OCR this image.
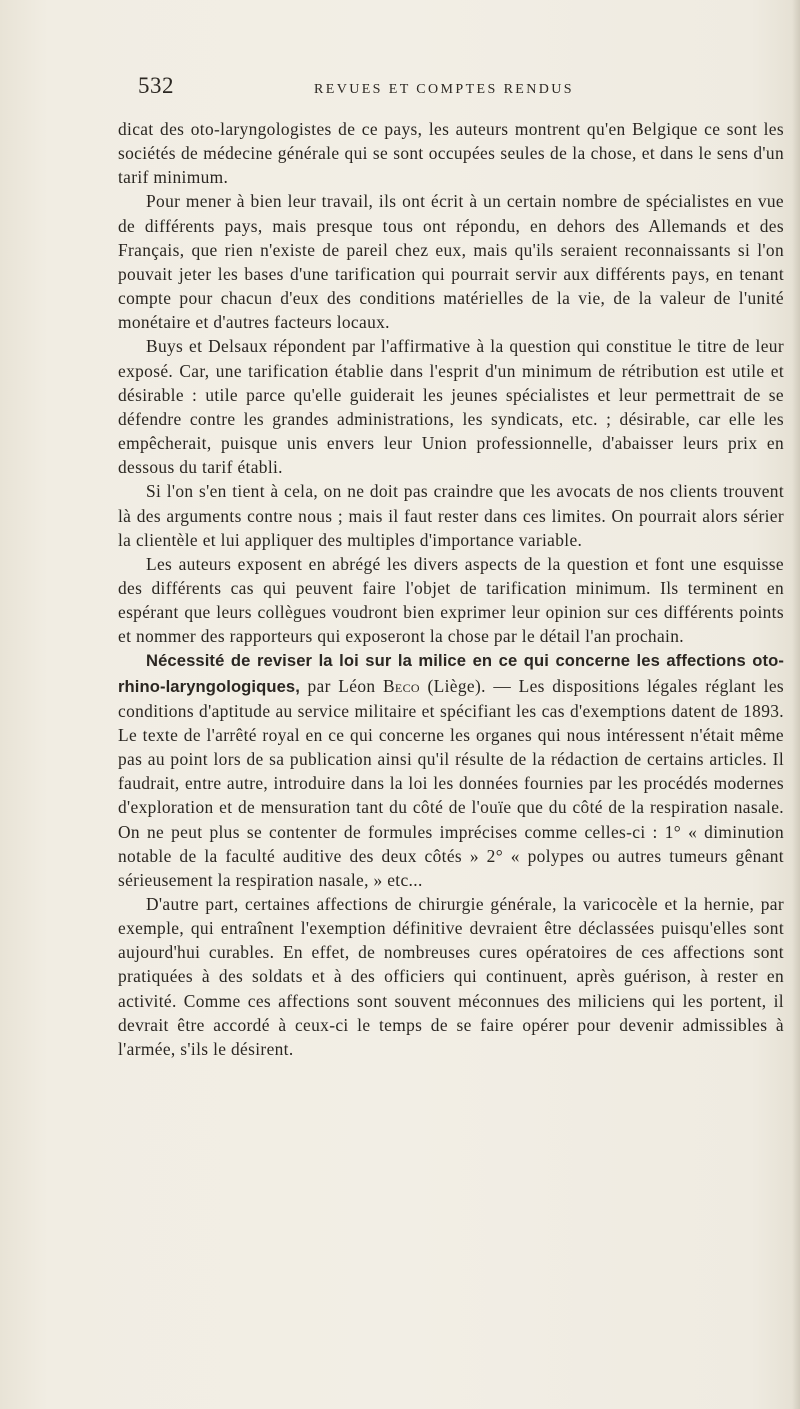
532	REVUES ET COMPTES RENDUS

dicat des oto-laryngologistes de ce pays, les auteurs montrent qu'en Belgique ce sont les sociétés de médecine générale qui se sont occupées seules de la chose, et dans le sens d'un tarif minimum.

Pour mener à bien leur travail, ils ont écrit à un certain nombre de spécialistes en vue de différents pays, mais presque tous ont répondu, en dehors des Allemands et des Français, que rien n'existe de pareil chez eux, mais qu'ils seraient reconnaissants si l'on pouvait jeter les bases d'une tarification qui pourrait servir aux différents pays, en tenant compte pour chacun d'eux des conditions matérielles de la vie, de la valeur de l'unité monétaire et d'autres facteurs locaux.

Buys et Delsaux répondent par l'affirmative à la question qui constitue le titre de leur exposé. Car, une tarification établie dans l'esprit d'un minimum de rétribution est utile et désirable : utile parce qu'elle guiderait les jeunes spécialistes et leur permettrait de se défendre contre les grandes administrations, les syndicats, etc. ; désirable, car elle les empêcherait, puisque unis envers leur Union professionnelle, d'abaisser leurs prix en dessous du tarif établi.

Si l'on s'en tient à cela, on ne doit pas craindre que les avocats de nos clients trouvent là des arguments contre nous ; mais il faut rester dans ces limites. On pourrait alors sérier la clientèle et lui appliquer des multiples d'importance variable.

Les auteurs exposent en abrégé les divers aspects de la question et font une esquisse des différents cas qui peuvent faire l'objet de tarification minimum. Ils terminent en espérant que leurs collègues voudront bien exprimer leur opinion sur ces différents points et nommer des rapporteurs qui exposeront la chose par le détail l'an prochain.

Nécessité de reviser la loi sur la milice en ce qui concerne les affections oto-rhino-laryngologiques, par Léon Beco (Liège). — Les dispositions légales réglant les conditions d'aptitude au service militaire et spécifiant les cas d'exemptions datent de 1893. Le texte de l'arrêté royal en ce qui concerne les organes qui nous intéressent n'était même pas au point lors de sa publication ainsi qu'il résulte de la rédaction de certains articles. Il faudrait, entre autre, introduire dans la loi les données fournies par les procédés modernes d'exploration et de mensuration tant du côté de l'ouïe que du côté de la respiration nasale. On ne peut plus se contenter de formules imprécises comme celles-ci : 1° « diminution notable de la faculté auditive des deux côtés » 2° « polypes ou autres tumeurs gênant sérieusement la respiration nasale, » etc...

D'autre part, certaines affections de chirurgie générale, la varicocèle et la hernie, par exemple, qui entraînent l'exemption définitive devraient être déclassées puisqu'elles sont aujourd'hui curables. En effet, de nombreuses cures opératoires de ces affections sont pratiquées à des soldats et à des officiers qui continuent, après guérison, à rester en activité. Comme ces affections sont souvent méconnues des miliciens qui les portent, il devrait être accordé à ceux-ci le temps de se faire opérer pour devenir admissibles à l'armée, s'ils le désirent.
